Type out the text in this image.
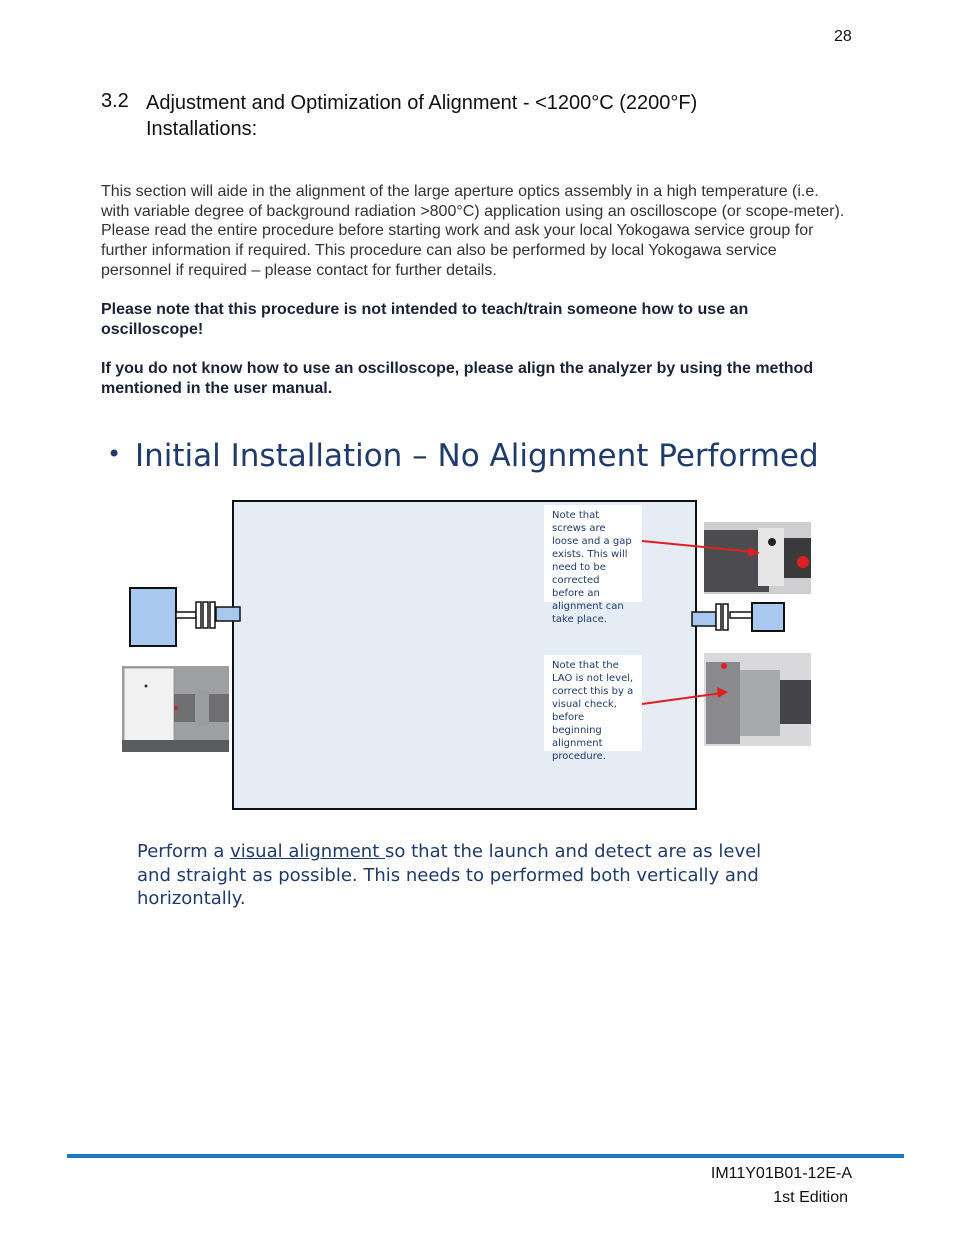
28
3.2 Adjustment and Optimization of Alignment - <1200°C (2200°F) Installations:
This section will aide in the alignment of the large aperture optics assembly in a high temperature (i.e. with variable degree of background radiation >800°C) application using an oscilloscope (or scope-meter). Please read the entire procedure before starting work and ask your local Yokogawa service group for further information if required. This procedure can also be performed by local Yokogawa service personnel if required – please contact for further details.
Please note that this procedure is not intended to teach/train someone how to use an oscilloscope!
If you do not know how to use an oscilloscope, please align the analyzer by using the method mentioned in the user manual.
• Initial Installation – No Alignment Performed
Note that screws are loose and a gap exists. This will need to be corrected before an alignment can take place.
Note that the LAO is not level, correct this by a visual check, before beginning alignment procedure.
Perform a visual alignment so that the launch and detect are as level and straight as possible. This needs to performed both vertically and horizontally.
IM11Y01B01-12E-A
1st Edition
